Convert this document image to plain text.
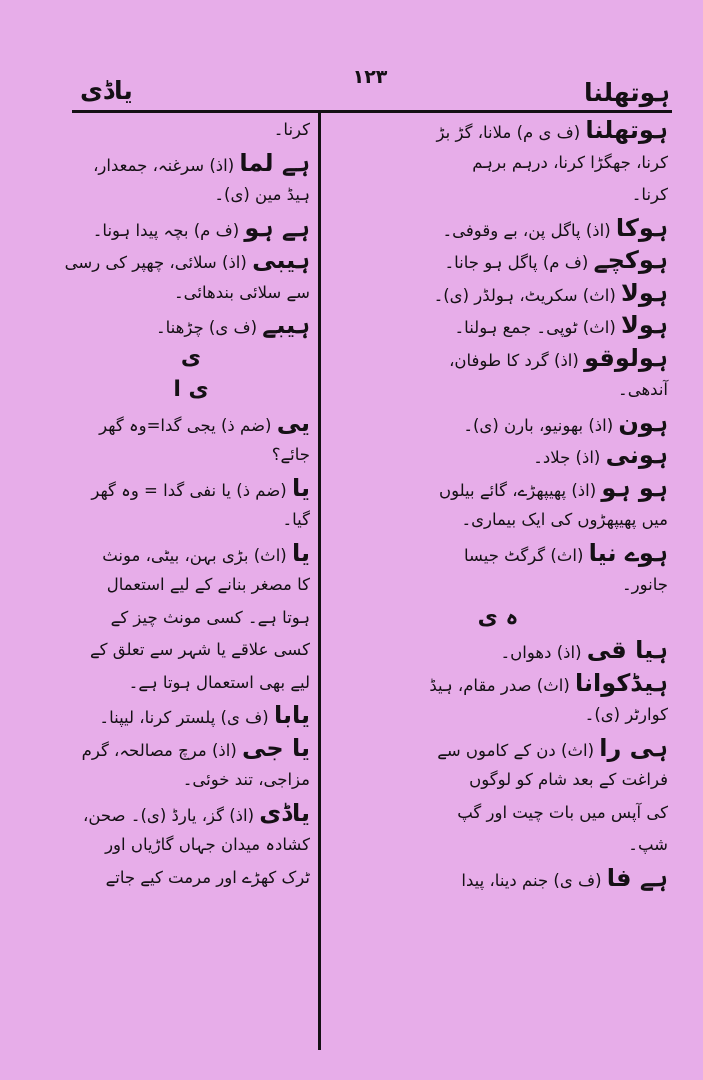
یاڈی	۱۲۳
ہوتھلنا
ہوتھلنا (ف ی م) ملانا، گڑ بڑ
کرنا، جھگڑا کرنا، درہم برہم
کرنا۔
ہوکا (اذ) پاگل پن، بے وقوفی۔
ہوکچے (ف م) پاگل ہو جانا۔
ہولا (اث) سکریٹ، ہولڈر (ی)۔
ہولا (اث) ٹوپی۔ جمع ہولنا۔
ہولوقو (اذ) گرد کا طوفان،
آندھی۔
ہون (اذ) بھونیو، بارن (ی)۔
ہونی (اذ) جلاد۔
ہو ہو (اذ) پھیپھڑے، گائے بیلوں
میں پھیپھڑوں کی ایک بیماری۔
ہوے نیا (اث) گرگٹ جیسا
جانور۔
ہ ی
ہیا قی (اذ) دھواں۔
ہیڈکوانا (اث) صدر مقام، ہیڈ
کوارٹر (ی)۔
ہی را (اث) دن کے کاموں سے
فراغت کے بعد شام کو لوگوں
کی آپس میں بات چیت اور گپ
شپ۔
ہے فا (ف ی) جنم دینا، پیدا
کرنا۔
ہے لما (اذ) سرغنہ، جمعدار،
ہیڈ مین (ی)۔
ہے ہو (ف م) بچہ پیدا ہونا۔
ہیبی (اذ) سلائی، چھپر کی رسی
سے سلائی بندھائی۔
ہیبے (ف ی) چڑھنا۔
ی
ی ا
یی (ضم ذ) یجی گدا=وہ گھر
جائے؟
یا (ضم ذ) یا نفی گدا = وہ گھر
گیا۔
یا (اث) بڑی بہن، بیٹی، مونث
کا مصغر بنانے کے لیے استعمال
ہوتا ہے۔ کسی مونث چیز کے
کسی علاقے یا شہر سے تعلق کے
لیے بھی استعمال ہوتا ہے۔
یابا (ف ی) پلستر کرنا، لیپنا۔
یا جی (اذ) مرچ مصالحہ، گرم
مزاجی، تند خوئی۔
یاڈی (اذ) گز، یارڈ (ی)۔ صحن،
کشادہ میدان جہاں گاڑیاں اور
ٹرک کھڑے اور مرمت کیے جاتے
